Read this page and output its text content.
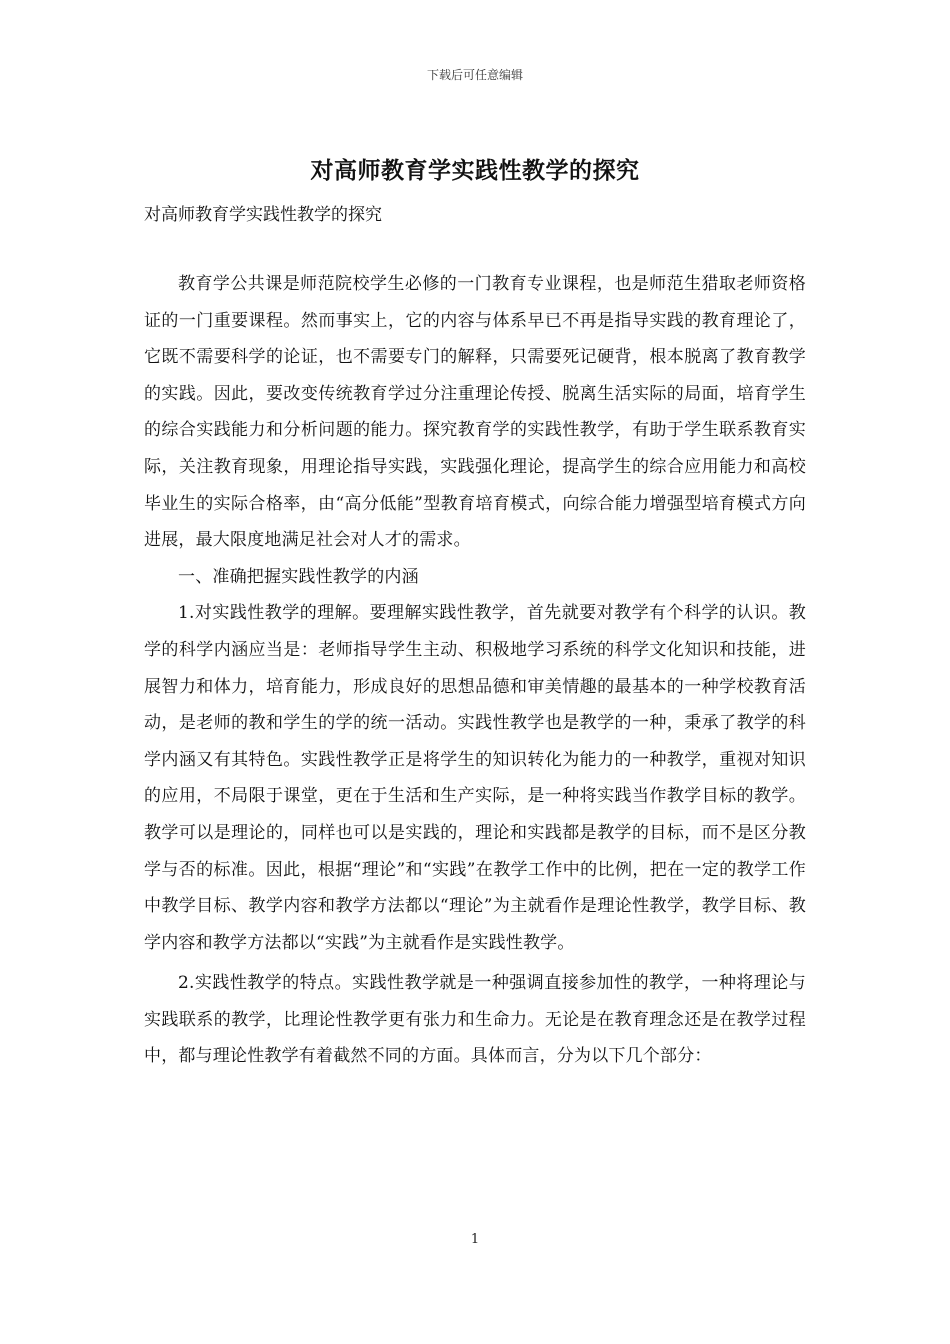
下载后可任意编辑
对高师教育学实践性教学的探究

对高师教育学实践性教学的探究

教育学公共课是师范院校学生必修的一门教育专业课程，也是师范生猎取老师资格证的一门重要课程。然而事实上，它的内容与体系早已不再是指导实践的教育理论了，它既不需要科学的论证，也不需要专门的解释，只需要死记硬背，根本脱离了教育教学的实践。因此，要改变传统教育学过分注重理论传授、脱离生活实际的局面，培育学生的综合实践能力和分析问题的能力。探究教育学的实践性教学，有助于学生联系教育实际，关注教育现象，用理论指导实践，实践强化理论，提高学生的综合应用能力和高校毕业生的实际合格率，由“高分低能”型教育培育模式，向综合能力增强型培育模式方向进展，最大限度地满足社会对人才的需求。

一、准确把握实践性教学的内涵

1.对实践性教学的理解。要理解实践性教学，首先就要对教学有个科学的认识。教学的科学内涵应当是：老师指导学生主动、积极地学习系统的科学文化知识和技能，进展智力和体力，培育能力，形成良好的思想品德和审美情趣的最基本的一种学校教育活动，是老师的教和学生的学的统一活动。实践性教学也是教学的一种，秉承了教学的科学内涵又有其特色。实践性教学正是将学生的知识转化为能力的一种教学，重视对知识的应用，不局限于课堂，更在于生活和生产实际，是一种将实践当作教学目标的教学。教学可以是理论的，同样也可以是实践的，理论和实践都是教学的目标，而不是区分教学与否的标准。因此，根据“理论”和“实践”在教学工作中的比例，把在一定的教学工作中教学目标、教学内容和教学方法都以“理论”为主就看作是理论性教学，教学目标、教学内容和教学方法都以“实践”为主就看作是实践性教学。

2.实践性教学的特点。实践性教学就是一种强调直接参加性的教学，一种将理论与实践联系的教学，比理论性教学更有张力和生命力。无论是在教育理念还是在教学过程中，都与理论性教学有着截然不同的方面。具体而言，分为以下几个部分：

1
